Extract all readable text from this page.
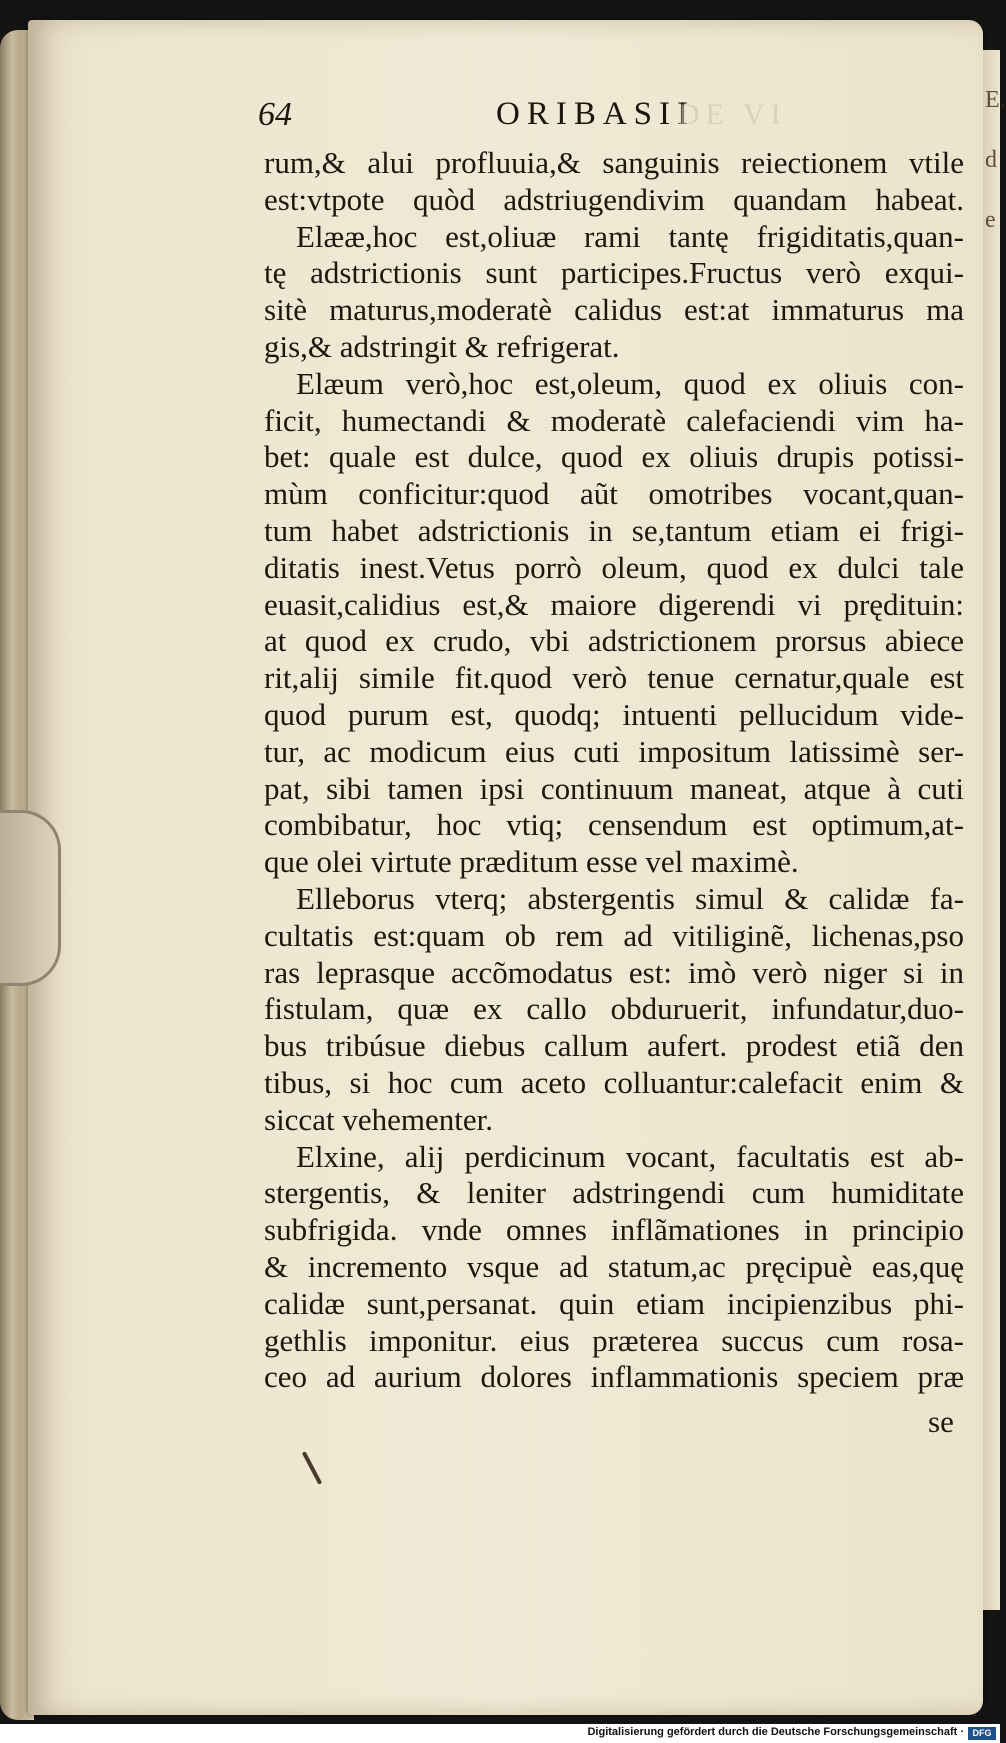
E.de
64	ORIBASII
DE VI
rum,& alui profluuia,& sanguinis reiectionem vtile
est:vtpote quòd adstriugendivim quandam habeat.
Elææ,hoc est,oliuæ rami tantę frigiditatis,quan-
tę adstrictionis sunt participes.Fructus verò exqui-
sitè maturus,moderatè calidus est:at immaturus ma
gis,& adstringit & refrigerat.
Elæum verò,hoc est,oleum, quod ex oliuis con-
ficit, humectandi & moderatè calefaciendi vim ha-
bet: quale est dulce, quod ex oliuis drupis potissi-
mùm conficitur:quod aũt omotribes vocant,quan-
tum habet adstrictionis in se,tantum etiam ei frigi-
ditatis inest.Vetus porrò oleum, quod ex dulci tale
euasit,calidius est,& maiore digerendi vi prędituin:
at quod ex crudo, vbi adstrictionem prorsus abiece
rit,alij simile fit.quod verò tenue cernatur,quale est
quod purum est, quodq; intuenti pellucidum vide-
tur, ac modicum eius cuti impositum latissimè ser-
pat, sibi tamen ipsi continuum maneat, atque à cuti
combibatur, hoc vtiq; censendum est optimum,at-
que olei virtute præditum esse vel maximè.
Elleborus vterq; abstergentis simul & calidæ fa-
cultatis est:quam ob rem ad vitiliginẽ, lichenas,pso
ras leprasque accõmodatus est: imò verò niger si in
fistulam, quæ ex callo obduruerit, infundatur,duo-
bus tribúsue diebus callum aufert. prodest etiã den
tibus, si hoc cum aceto colluantur:calefacit enim &
siccat vehementer.
Elxine, alij perdicinum vocant, facultatis est ab-
stergentis, & leniter adstringendi cum humiditate
subfrigida. vnde omnes inflãmationes in principio
& incremento vsque ad statum,ac pręcipuè eas,quę
calidæ sunt,persanat. quin etiam incipienzibus phi-
gethlis imponitur. eius præterea succus cum rosa-
ceo ad aurium dolores inflammationis speciem præ
se
Digitalisierung gefördert durch die Deutsche Forschungsgemeinschaft · DFG
